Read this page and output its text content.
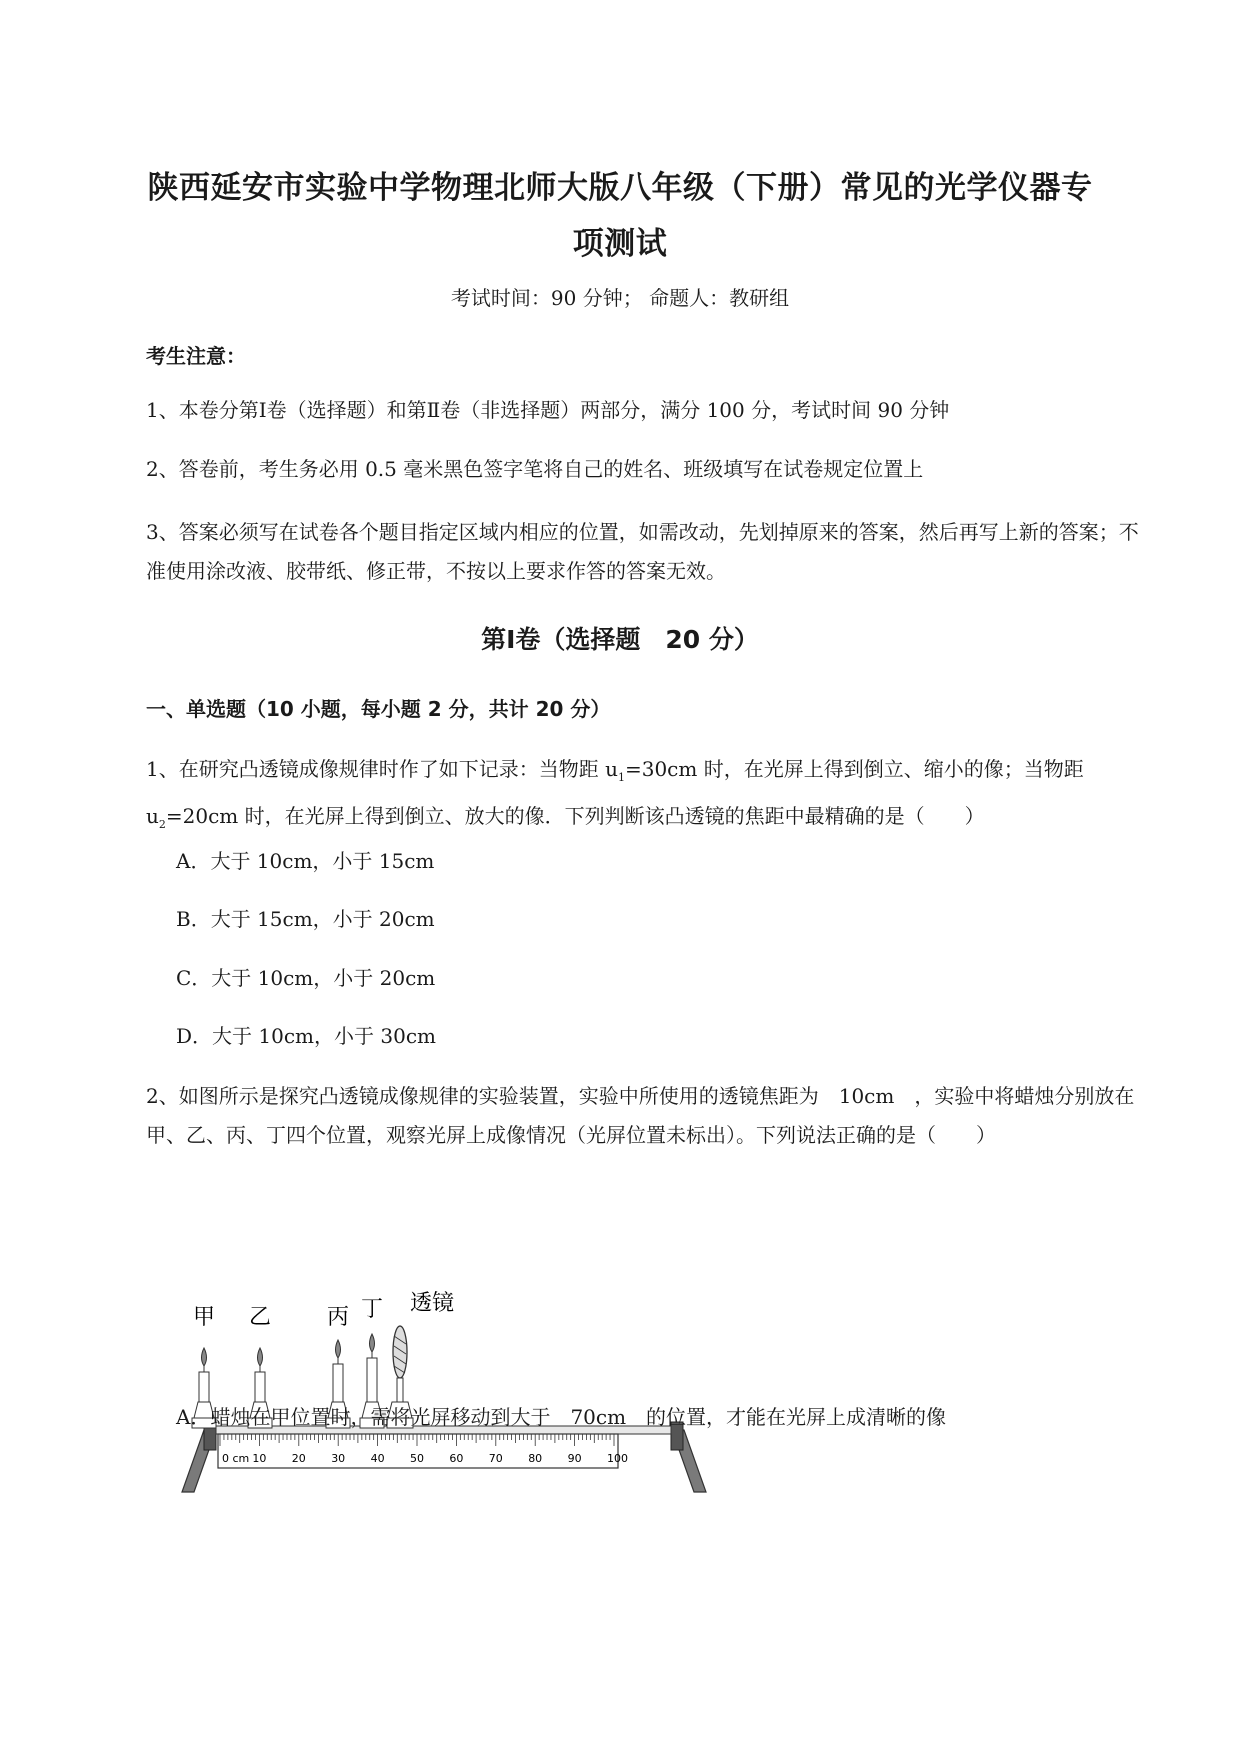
陕西延安市实验中学物理北师大版八年级（下册）常见的光学仪器专
项测试
考试时间：90 分钟； 命题人：教研组
考生注意：
1、本卷分第Ⅰ卷（选择题）和第Ⅱ卷（非选择题）两部分，满分 100 分，考试时间 90 分钟
2、答卷前，考生务必用 0.5 毫米黑色签字笔将自己的姓名、班级填写在试卷规定位置上
3、答案必须写在试卷各个题目指定区域内相应的位置，如需改动，先划掉原来的答案，然后再写上新的答案；不准使用涂改液、胶带纸、修正带，不按以上要求作答的答案无效。
第Ⅰ卷（选择题　20 分）
一、单选题（10 小题，每小题 2 分，共计 20 分）
1、在研究凸透镜成像规律时作了如下记录：当物距 $u_1=30cm$ 时，在光屏上得到倒立、缩小的像；当物距 $u_2=20cm$ 时，在光屏上得到倒立、放大的像．下列判断该凸透镜的焦距中最精确的是（　　）
A．大于 10cm，小于 15cm
B．大于 15cm，小于 20cm
C．大于 10cm，小于 20cm
D．大于 10cm，小于 30cm
2、如图所示是探究凸透镜成像规律的实验装置，实验中所使用的透镜焦距为　10cm　，实验中将蜡烛分别放在甲、乙、丙、丁四个位置，观察光屏上成像情况（光屏位置未标出）。下列说法正确的是（　　）
0 cm 10 20 30 40 50 60 70 80 90 100
甲 乙	丙 丁 透镜
A．蜡烛在甲位置时，需将光屏移动到大于　70cm　的位置，才能在光屏上成清晰的像
